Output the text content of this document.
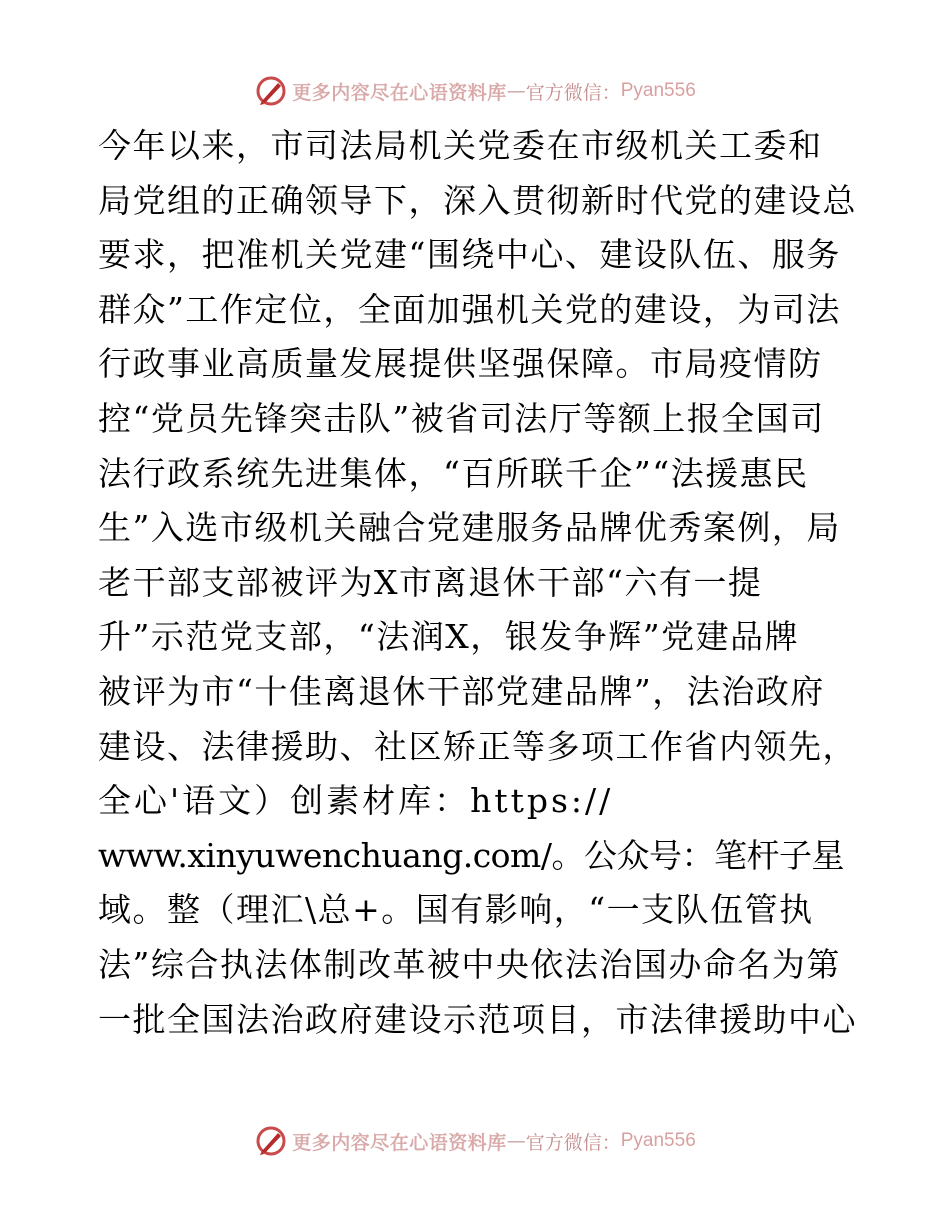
更多内容尽在心语资料库 — 官方微信： Pyan556
今年以来，市司法局机关党委在市级机关工委和
局党组的正确领导下，深入贯彻新时代党的建设总
要求，把准机关党建“围绕中心、建设队伍、服务
群众”工作定位，全面加强机关党的建设，为司法
行政事业高质量发展提供坚强保障。市局疫情防
控“党员先锋突击队”被省司法厅等额上报全国司
法行政系统先进集体，“百所联千企”“法援惠民
生”入选市级机关融合党建服务品牌优秀案例，局
老干部支部被评为X市离退休干部“六有一提
升”示范党支部，“法润X，银发争辉”党建品牌
被评为市“十佳离退休干部党建品牌”，法治政府
建设、法律援助、社区矫正等多项工作省内领先，
全心'语文）创素材库：https://
www.xinyuwenchuang.com/。公众号：笔杆子星
域。整（理汇\总+。国有影响，“一支队伍管执
法”综合执法体制改革被中央依法治国办命名为第
一批全国法治政府建设示范项目，市法律援助中心
更多内容尽在心语资料库 — 官方微信： Pyan556
